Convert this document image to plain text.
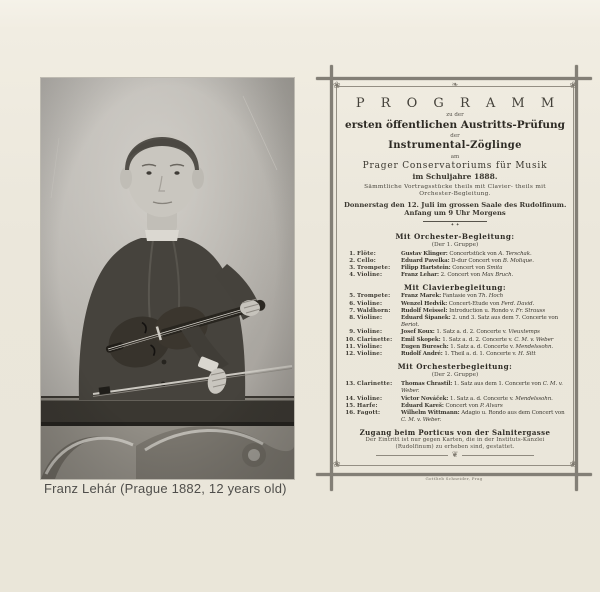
Franz Lehár (Prague 1882, 12 years old)
❀	❀
❀	❀
❧
P R O G R A M M
zu der
ersten öffentlichen Austritts-Prüfung
der
Instrumental-Zöglinge
am
Prager Conservatoriums für Musik
im Schuljahre 1888.
Sämmtliche Vortragsstücke theils mit Clavier- theils mit
Orchester-Begleitung.
Donnerstag den 12. Juli im grossen Saale des Rudolfinum.
Anfang um 9 Uhr Morgens
✦ ✦
Mit Orchester-Begleitung:
(Der 1. Gruppe)
1. Flöte:	Gustav Klinger: Concertstück von A. Terschak.
2. Cello:	Eduard Pavelka: D-dur Concert von B. Molique.
3. Trompete:	Filipp Hartstein: Concert von Smita
4. Violine:	Franz Lehar: 2. Concert von Max Bruch.
Mit Clavierbegleitung:
5. Trompete:	Franz Marek: Fantasie von Th. Hoch
6. Violine:	Wenzel Hedvik: Concert-Etude von Ferd. David.
7. Waldhorn:	Rudolf Meissel: Introduction u. Rondo v. Fr. Strauss
8. Violine:	Eduard Šipanek: 2. und 3. Satz aus dem 7. Concerte von Beriot.
9. Violine:	Josef Koux: 1. Satz a. d. 2. Concerte v. Vieuxtemps
10. Clarinette:	Emil Skopek: 1. Satz a. d. 2. Concerte v. C. M. v. Weber
11. Violine:	Eugen Buresch: 1. Satz a. d. Concerte v. Mendelssohn.
12. Violine:	Rudolf André: 1. Theil a. d. 1. Concerte v. H. Sitt
Mit Orchesterbegleitung:
(Der 2. Gruppe)
13. Clarinette:	Thomas Chrastil: 1. Satz aus dem 1. Concerte von C. M. v. Weber.
14. Violine:	Victor Nováček: 1. Satz a. d. Concerte v. Mendelssohn.
15. Harfe:	Eduard Kareš: Concert von P. Alvars
16. Fagott:	Wilhelm Wittmann: Adagio u. Rondo aus dem Concert von C. M. v. Weber.
Zugang beim Porticus von der Salnitergasse
Der Eintritt ist nur gegen Karten, die in der Instituts-Kanzlei
(Rudolfinum) zu erheben sind, gestattet.
❦
Gottlieb Schneider, Prag
